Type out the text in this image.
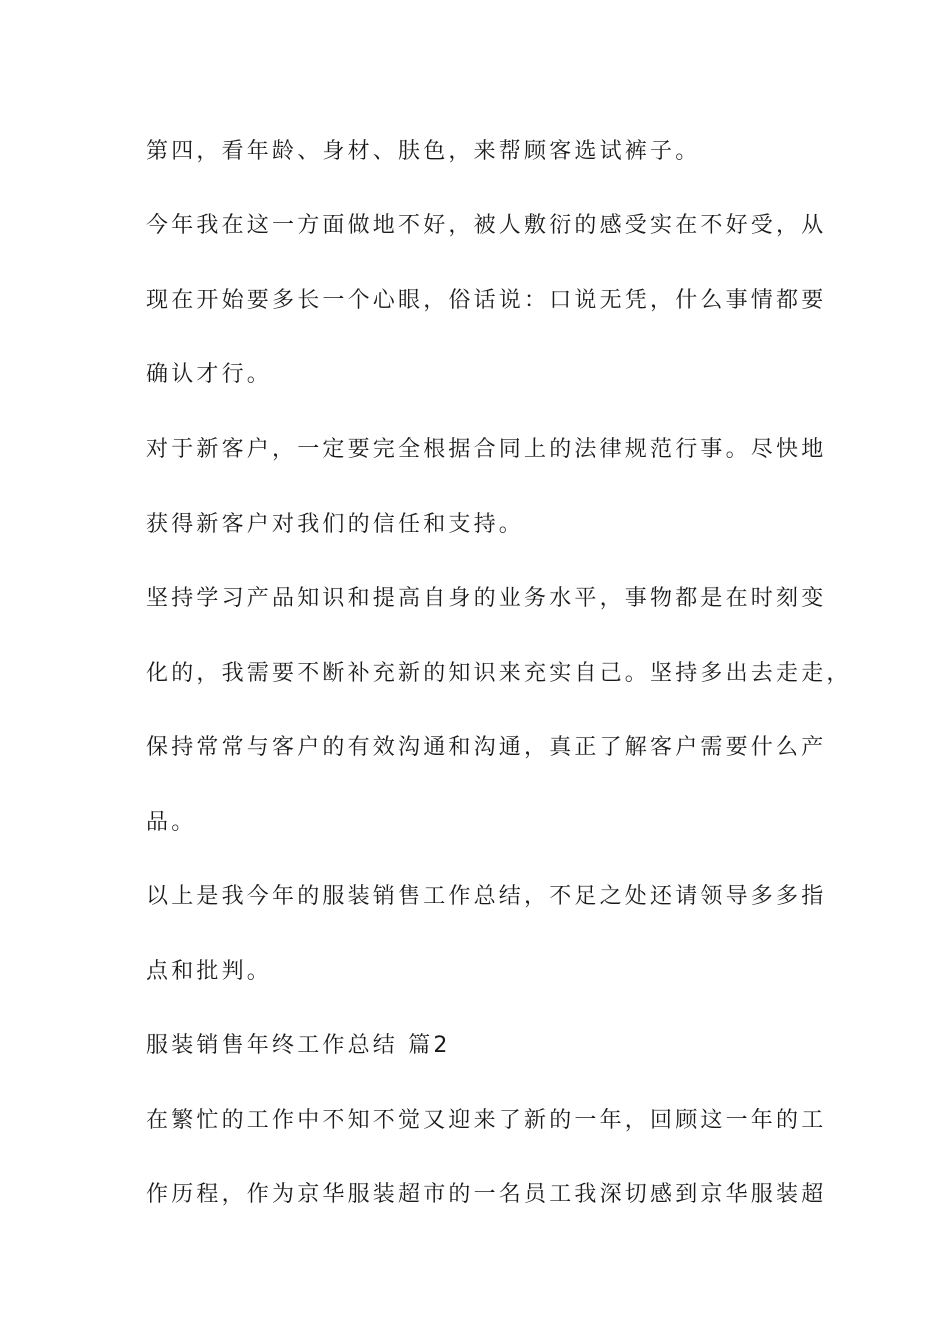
第四，看年龄、身材、肤色，来帮顾客选试裤子。
今年我在这一方面做地不好，被人敷衍的感受实在不好受，从
现在开始要多长一个心眼，俗话说：口说无凭，什么事情都要
确认才行。
对于新客户，一定要完全根据合同上的法律规范行事。尽快地
获得新客户对我们的信任和支持。
坚持学习产品知识和提高自身的业务水平，事物都是在时刻变
化的，我需要不断补充新的知识来充实自己。坚持多出去走走，
保持常常与客户的有效沟通和沟通，真正了解客户需要什么产
品。
以上是我今年的服装销售工作总结，不足之处还请领导多多指
点和批判。
服装销售年终工作总结 篇2
在繁忙的工作中不知不觉又迎来了新的一年，回顾这一年的工
作历程，作为京华服装超市的一名员工我深切感到京华服装超
